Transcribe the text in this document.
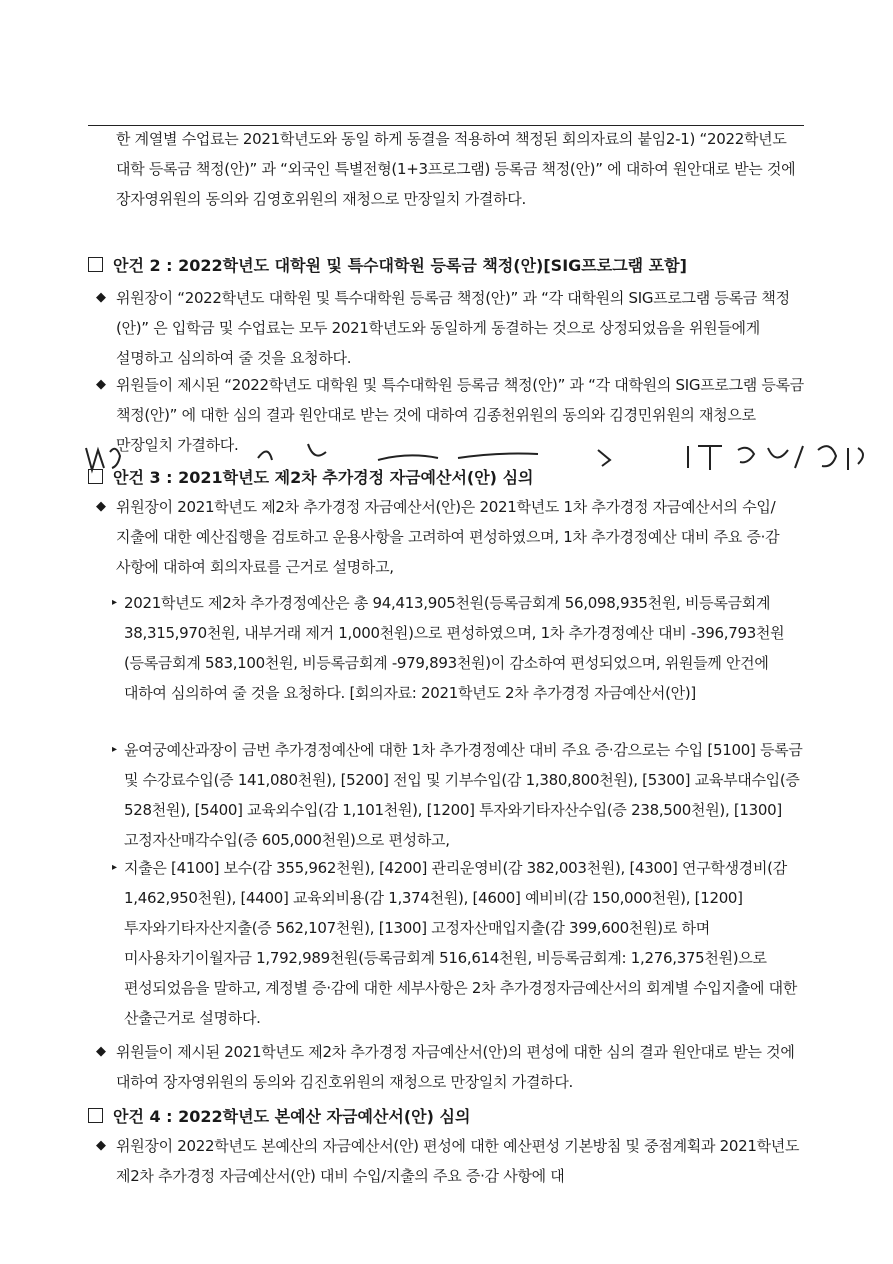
한 계열별 수업료는 2021학년도와 동일 하게 동결을 적용하여 책정된 회의자료의 붙임2-1) “2022학년도 대학 등록금 책정(안)” 과 “외국인 특별전형(1+3프로그램) 등록금 책정(안)” 에 대하여 원안대로 받는 것에 장자영위원의 동의와 김영호위원의 재청으로 만장일치 가결하다.
안건 2 : 2022학년도 대학원 및 특수대학원 등록금 책정(안)[SIG프로그램 포함]
◆ 위원장이 “2022학년도 대학원 및 특수대학원 등록금 책정(안)” 과 “각 대학원의 SIG프로그램 등록금 책정(안)” 은 입학금 및 수업료는 모두 2021학년도와 동일하게 동결하는 것으로 상정되었음을 위원들에게 설명하고 심의하여 줄 것을 요청하다.
◆ 위원들이 제시된 “2022학년도 대학원 및 특수대학원 등록금 책정(안)” 과 “각 대학원의 SIG프로그램 등록금 책정(안)” 에 대한 심의 결과 원안대로 받는 것에 대하여 김종천위원의 동의와 김경민위원의 재청으로 만장일치 가결하다.
안건 3 : 2021학년도 제2차 추가경정 자금예산서(안) 심의
◆ 위원장이 2021학년도 제2차 추가경정 자금예산서(안)은 2021학년도 1차 추가경정 자금예산서의 수입/지출에 대한 예산집행을 검토하고 운용사항을 고려하여 편성하였으며, 1차 추가경정예산 대비 주요 증·감 사항에 대하여 회의자료를 근거로 설명하고,
▸ 2021학년도 제2차 추가경정예산은 총 94,413,905천원(등록금회계 56,098,935천원, 비등록금회계 38,315,970천원, 내부거래 제거 1,000천원)으로 편성하였으며, 1차 추가경정예산 대비 -396,793천원(등록금회계 583,100천원, 비등록금회계 -979,893천원)이 감소하여 편성되었으며, 위원들께 안건에 대하여 심의하여 줄 것을 요청하다. [회의자료: 2021학년도 2차 추가경정 자금예산서(안)]
▸ 윤여궁예산과장이 금번 추가경정예산에 대한 1차 추가경정예산 대비 주요 증·감으로는 수입 [5100] 등록금 및 수강료수입(증 141,080천원), [5200] 전입 및 기부수입(감 1,380,800천원), [5300] 교육부대수입(증 528천원), [5400] 교육외수입(감 1,101천원), [1200] 투자와기타자산수입(증 238,500천원), [1300] 고정자산매각수입(증 605,000천원)으로 편성하고,
▸ 지출은 [4100] 보수(감 355,962천원), [4200] 관리운영비(감 382,003천원), [4300] 연구학생경비(감 1,462,950천원), [4400] 교육외비용(감 1,374천원), [4600] 예비비(감 150,000천원), [1200] 투자와기타자산지출(증 562,107천원), [1300] 고정자산매입지출(감 399,600천원)로 하며 미사용차기이월자금 1,792,989천원(등록금회계 516,614천원, 비등록금회계: 1,276,375천원)으로 편성되었음을 말하고, 계정별 증·감에 대한 세부사항은 2차 추가경정자금예산서의 회계별 수입지출에 대한 산출근거로 설명하다.
◆ 위원들이 제시된 2021학년도 제2차 추가경정 자금예산서(안)의 편성에 대한 심의 결과 원안대로 받는 것에 대하여 장자영위원의 동의와 김진호위원의 재청으로 만장일치 가결하다.
안건 4 : 2022학년도 본예산 자금예산서(안) 심의
◆ 위원장이 2022학년도 본예산의 자금예산서(안) 편성에 대한 예산편성 기본방침 및 중점계획과 2021학년도 제2차 추가경정 자금예산서(안) 대비 수입/지출의 주요 증·감 사항에 대
